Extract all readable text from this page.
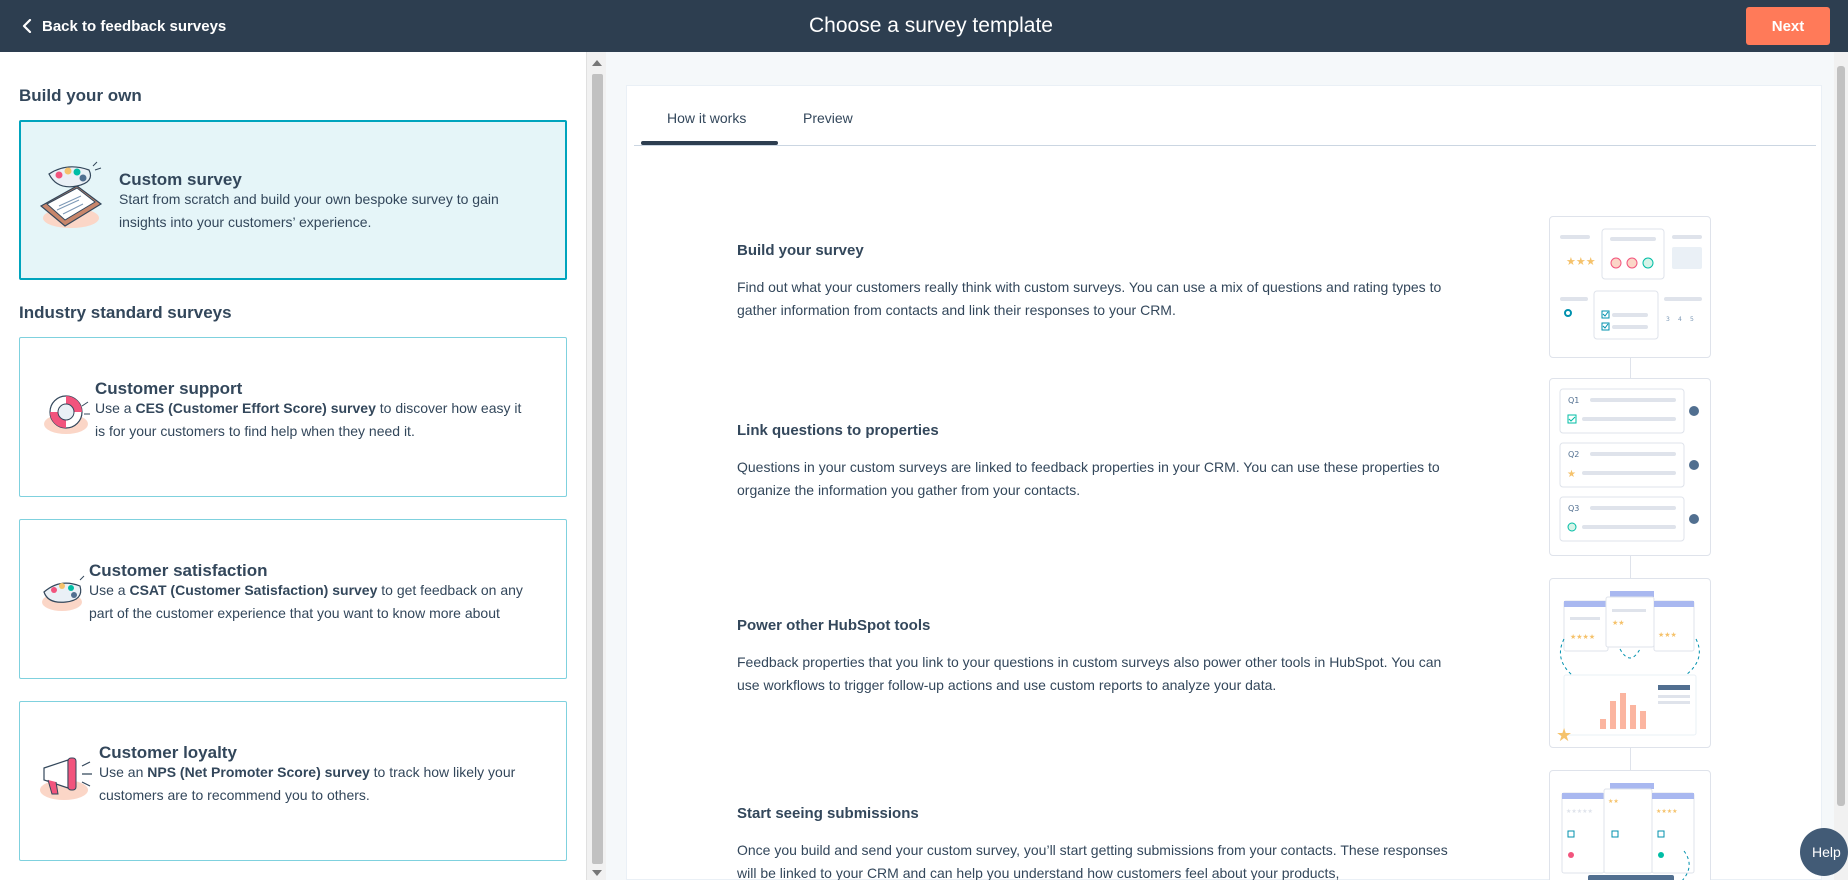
Back to feedback surveys	Choose a survey template	Next
Build your own
Custom survey
Start from scratch and build your own bespoke survey to gain insights into your customers’ experience.
Industry standard surveys
Customer support
Use a CES (Customer Effort Score) survey to discover how easy it is for your customers to find help when they need it.
Customer satisfaction
Use a CSAT (Customer Satisfaction) survey to get feedback on any part of the customer experience that you want to know more about
Customer loyalty
Use an NPS (Net Promoter Score) survey to track how likely your customers are to recommend you to others.
How it works	Preview
Build your survey
Find out what your customers really think with custom surveys. You can use a mix of questions and rating types to gather information from contacts and link their responses to your CRM.
Link questions to properties
Questions in your custom surveys are linked to feedback properties in your CRM. You can use these properties to organize the information you gather from your contacts.
Power other HubSpot tools
Feedback properties that you link to your questions in custom surveys also power other tools in HubSpot. You can use workflows to trigger follow-up actions and use custom reports to analyze your data.
Start seeing submissions
Once you build and send your custom survey, you’ll start getting submissions from your contacts. These responses will be linked to your CRM and can help you understand how customers feel about your products,
★★★
3 4 5
Q1
Q2
★
Q3
★★★★
★★
★★★
★
★★★★★
★★
★★★★
Help
